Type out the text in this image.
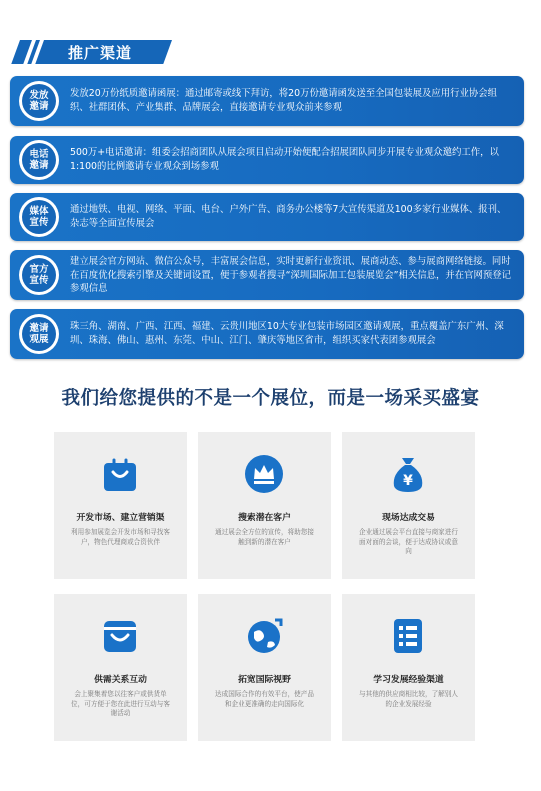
推广渠道
发放邀请
发放20万份纸质邀请函展：通过邮寄或线下拜访，将20万份邀请函发送至全国包装展及应用行业协会组织、社群团体、产业集群、品牌展会，直接邀请专业观众前来参观
电话邀请
500万+电话邀请：组委会招商团队从展会项目启动开始便配合招展团队同步开展专业观众邀约工作，以1:100的比例邀请专业观众到场参观
媒体宣传
通过地铁、电视、网络、平面、电台、户外广告、商务办公楼等7大宣传渠道及100多家行业媒体、报刊、杂志等全面宣传展会
官方宣传
建立展会官方网站、微信公众号，丰富展会信息，实时更新行业资讯、展商动态、参与展商网络链接。同时在百度优化搜索引擎及关键词设置，便于参观者搜寻“深圳国际加工包装展览会”相关信息，并在官网预登记参观信息
邀请观展
珠三角、湖南、广西、江西、福建、云贵川地区10大专业包装市场园区邀请观展，重点覆盖广东广州、深圳、珠海、佛山、惠州、东莞、中山、江门、肇庆等地区省市，组织买家代表团参观展会
我们给您提供的不是一个展位，而是一场采买盛宴
开发市场、建立营销渠
利用参加展览会开发市场和寻找客户，物色代理商或合资伙伴
搜索潜在客户
通过展会全方位的宣传，将助您接触到新的潜在客户
¥
现场达成交易
企业通过展会平台直接与商家进行面对面的会谈，便于达成协议或意向
供需关系互动
会上聚集着您以往客户或供货单位，可方便于您在此进行互动与客谢活动
拓宽国际视野
达成国际合作的有效平台，使产品和企业更准确的走向国际化
学习发展经验渠道
与其他的供应商相比较，了解别人的企业发展经验
